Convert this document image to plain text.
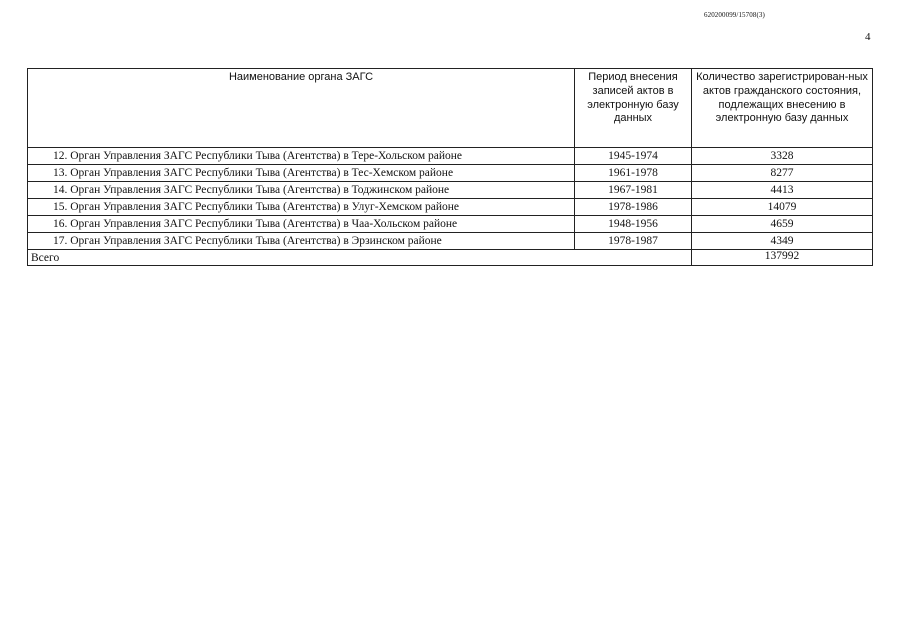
620200099/15708(3)
4
Наименование органа ЗАГС	Период внесения записей актов в электронную базу данных	Количество зарегистрирован-ных актов гражданского состояния, подлежащих внесению в электронную базу данных
12. Орган Управления ЗАГС Республики Тыва (Агентства) в Тере-Хольском районе	1945-1974	3328
13. Орган Управления ЗАГС Республики Тыва (Агентства) в Тес-Хемском районе	1961-1978	8277
14. Орган Управления ЗАГС Республики Тыва (Агентства) в Тоджинском районе	1967-1981	4413
15. Орган Управления ЗАГС Республики Тыва (Агентства) в Улуг-Хемском районе	1978-1986	14079
16. Орган Управления ЗАГС Республики Тыва (Агентства) в Чаа-Хольском районе	1948-1956	4659
17. Орган Управления ЗАГС Республики Тыва (Агентства) в Эрзинском районе	1978-1987	4349
Всего		137992
